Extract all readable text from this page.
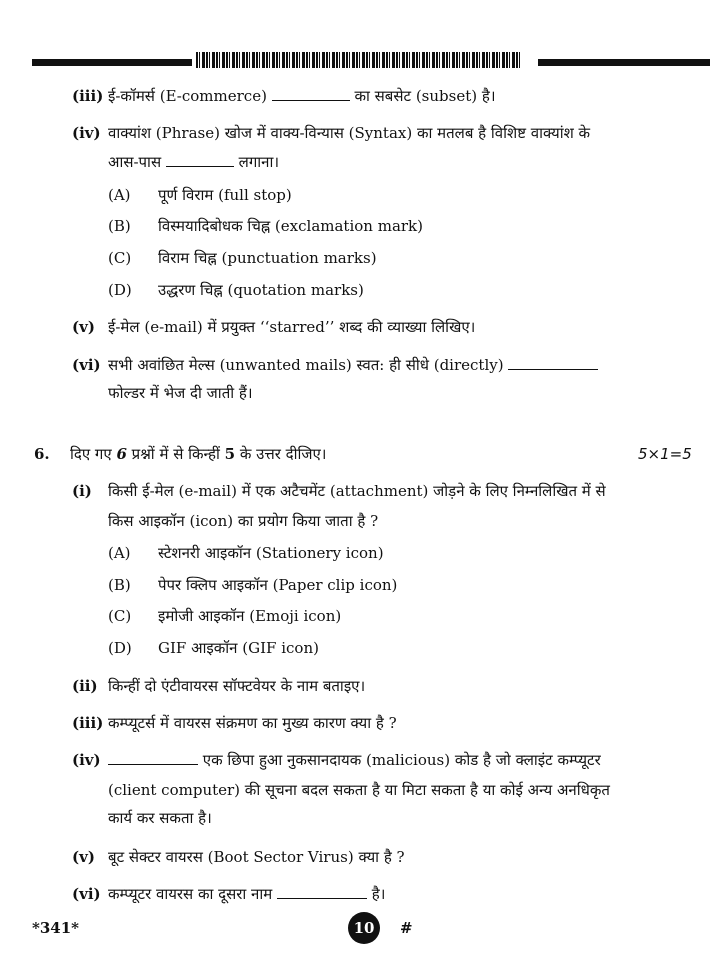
(iii) ई-कॉमर्स (E-commerce)	का सबसेट (subset) है।
(iv) वाक्यांश (Phrase) खोज में वाक्य-विन्यास (Syntax) का मतलब है विशिष्ट वाक्यांश के
आस-पास	लगाना।
(A) पूर्ण विराम (full stop)
(B) विस्मयादिबोधक चिह्न (exclamation mark)
(C) विराम चिह्न (punctuation marks)
(D) उद्धरण चिह्न (quotation marks)
(v) ई-मेल (e-mail) में प्रयुक्त ‘‘starred’’ शब्द की व्याख्या लिखिए।
(vi) सभी अवांछित मेल्स (unwanted mails) स्वत: ही सीधे (directly)
फोल्डर में भेज दी जाती हैं।
6. दिए गए 6 प्रश्नों में से किन्हीं 5 के उत्तर दीजिए।	5×1=5
(i) किसी ई-मेल (e-mail) में एक अटैचमेंट (attachment) जोड़ने के लिए निम्नलिखित में से
किस आइकॉन (icon) का प्रयोग किया जाता है ?
(A) स्टेशनरी आइकॉन (Stationery icon)
(B) पेपर क्लिप आइकॉन (Paper clip icon)
(C) इमोजी आइकॉन (Emoji icon)
(D) GIF आइकॉन (GIF icon)
(ii) किन्हीं दो एंटीवायरस सॉफ्टवेयर के नाम बताइए।
(iii) कम्प्यूटर्स में वायरस संक्रमण का मुख्य कारण क्या है ?
(iv)	एक छिपा हुआ नुकसानदायक (malicious) कोड है जो क्लाइंट कम्प्यूटर
(client computer) की सूचना बदल सकता है या मिटा सकता है या कोई अन्य अनधिकृत
कार्य कर सकता है।
(v) बूट सेक्टर वायरस (Boot Sector Virus) क्या है ?
(vi) कम्प्यूटर वायरस का दूसरा नाम	है।
*341*	10	#
